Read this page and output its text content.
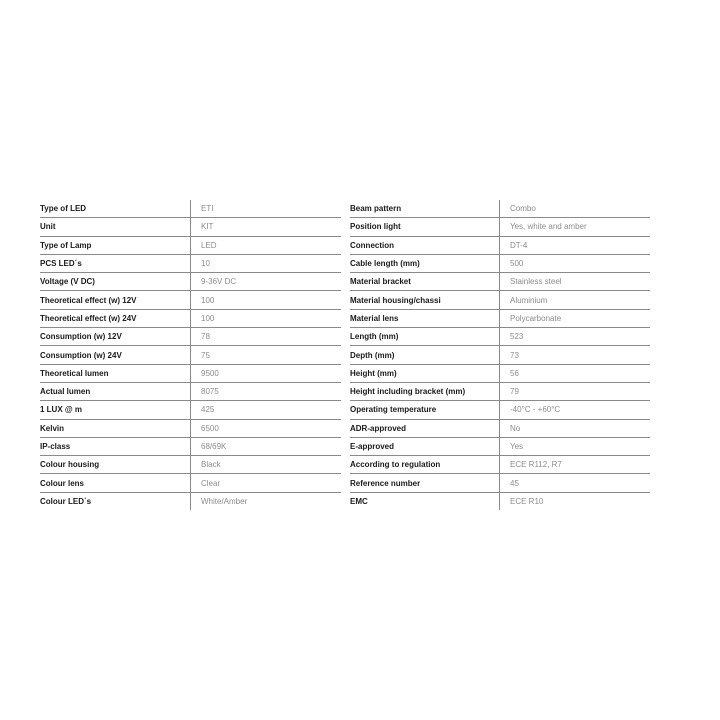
Type of LED	ETI
Unit	KIT
Type of Lamp	LED
PCS LED´s	10
Voltage (V DC)	9-36V DC
Theoretical effect (w) 12V	100
Theoretical effect (w) 24V	100
Consumption (w) 12V	78
Consumption (w) 24V	75
Theoretical lumen	9500
Actual lumen	8075
1 LUX @ m	425
Kelvin	6500
IP-class	68/69K
Colour housing	Black
Colour lens	Clear
Colour LED´s	White/Amber
Beam pattern	Combo
Position light	Yes, white and amber
Connection	DT-4
Cable length (mm)	500
Material bracket	Stainless steel
Material housing/chassi	Aluminium
Material lens	Polycarbonate
Length (mm)	523
Depth (mm)	73
Height (mm)	56
Height including bracket (mm)	79
Operating temperature	-40°C - +60°C
ADR-approved	No
E-approved	Yes
According to regulation	ECE R112, R7
Reference number	45
EMC	ECE R10
